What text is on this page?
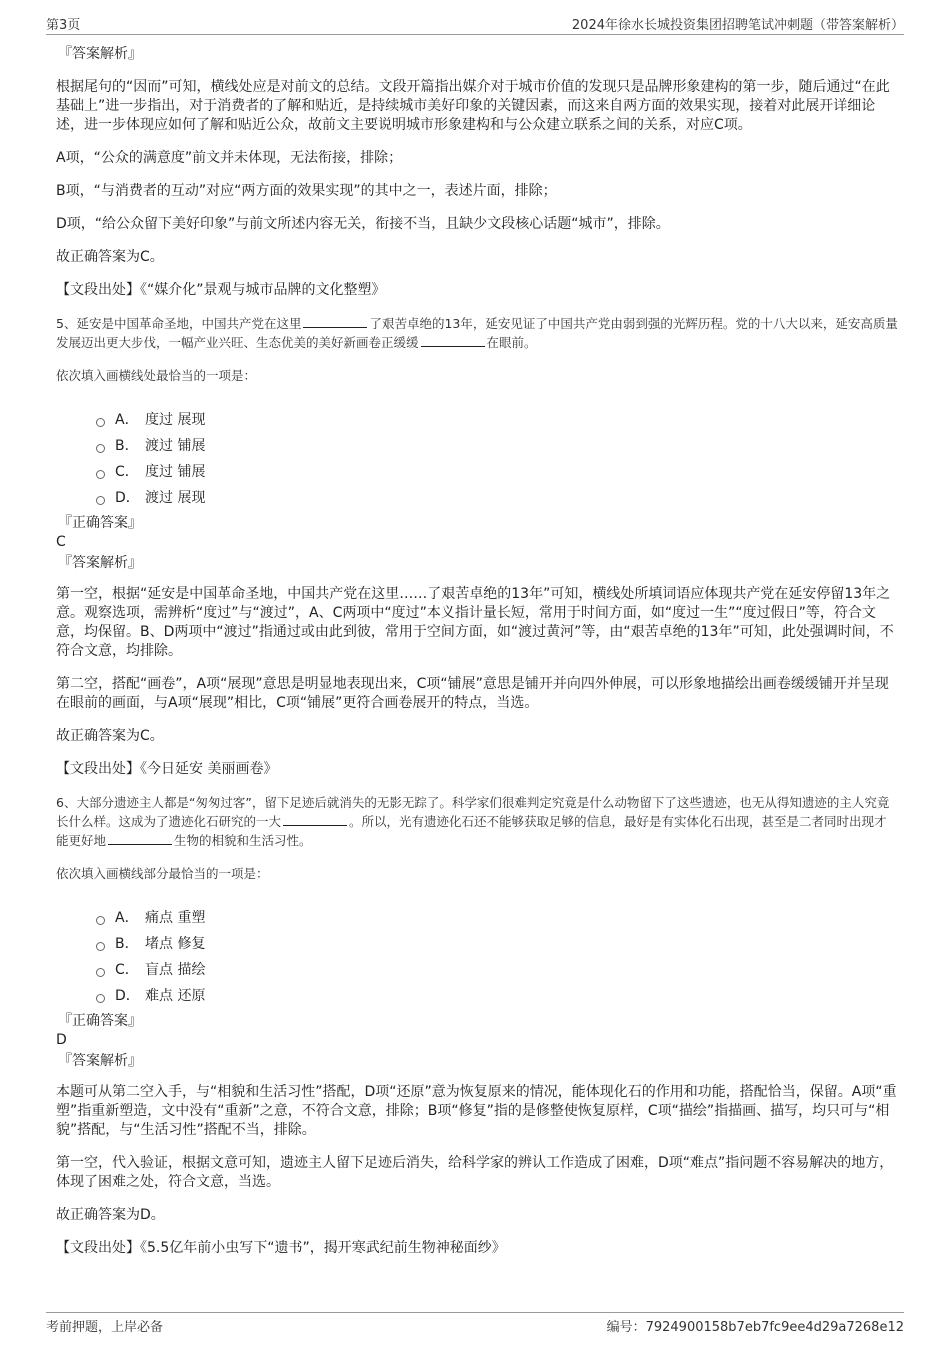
第3页	2024年徐水长城投资集团招聘笔试冲刺题（带答案解析）

『答案解析』

根据尾句的“因而”可知，横线处应是对前文的总结。文段开篇指出媒介对于城市价值的发现只是品牌形象建构的第一步，随后通过“在此基础上”进一步指出，对于消费者的了解和贴近，是持续城市美好印象的关键因素，而这来自两方面的效果实现，接着对此展开详细论述，进一步体现应如何了解和贴近公众，故前文主要说明城市形象建构和与公众建立联系之间的关系，对应C项。

A项，“公众的满意度”前文并未体现，无法衔接，排除；

B项，“与消费者的互动”对应“两方面的效果实现”的其中之一，表述片面，排除；

D项，“给公众留下美好印象”与前文所述内容无关，衔接不当，且缺少文段核心话题“城市”，排除。

故正确答案为C。

【文段出处】《“媒介化”景观与城市品牌的文化整塑》

5、延安是中国革命圣地，中国共产党在这里	了艰苦卓绝的13年，延安见证了中国共产党由弱到强的光辉历程。党的十八大以来，延安高质量发展迈出更大步伐，一幅产业兴旺、生态优美的美好新画卷正缓缓	在眼前。

依次填入画横线处最恰当的一项是：

A． 度过 展现
B． 渡过 铺展
C． 度过 铺展
D． 渡过 展现

『正确答案』

C

『答案解析』

第一空，根据“延安是中国革命圣地，中国共产党在这里……了艰苦卓绝的13年”可知，横线处所填词语应体现共产党在延安停留13年之意。观察选项，需辨析“度过”与“渡过”，A、C两项中“度过”本义指计量长短，常用于时间方面，如“度过一生”“度过假日”等，符合文意，均保留。B、D两项中“渡过”指通过或由此到彼，常用于空间方面，如“渡过黄河”等，由“艰苦卓绝的13年”可知，此处强调时间，不符合文意，均排除。

第二空，搭配“画卷”，A项“展现”意思是明显地表现出来，C项“铺展”意思是铺开并向四外伸展，可以形象地描绘出画卷缓缓铺开并呈现在眼前的画面，与A项“展现”相比，C项“铺展”更符合画卷展开的特点，当选。

故正确答案为C。

【文段出处】《今日延安 美丽画卷》

6、大部分遗迹主人都是“匆匆过客”，留下足迹后就消失的无影无踪了。科学家们很难判定究竟是什么动物留下了这些遗迹，也无从得知遗迹的主人究竟长什么样。这成为了遗迹化石研究的一大	。所以，光有遗迹化石还不能够获取足够的信息，最好是有实体化石出现，甚至是二者同时出现才能更好地	生物的相貌和生活习性。

依次填入画横线部分最恰当的一项是：

A． 痛点 重塑
B． 堵点 修复
C． 盲点 描绘
D． 难点 还原

『正确答案』

D

『答案解析』

本题可从第二空入手，与“相貌和生活习性”搭配，D项“还原”意为恢复原来的情况，能体现化石的作用和功能，搭配恰当，保留。A项“重塑”指重新塑造，文中没有“重新”之意，不符合文意，排除；B项“修复”指的是修整使恢复原样，C项“描绘”指描画、描写，均只可与“相貌”搭配，与“生活习性”搭配不当，排除。

第一空，代入验证，根据文意可知，遗迹主人留下足迹后消失，给科学家的辨认工作造成了困难，D项“难点”指问题不容易解决的地方，体现了困难之处，符合文意，当选。

故正确答案为D。

【文段出处】《5.5亿年前小虫写下“遗书”，揭开寒武纪前生物神秘面纱》

考前押题，上岸必备	编号：7924900158b7eb7fc9ee4d29a7268e12
